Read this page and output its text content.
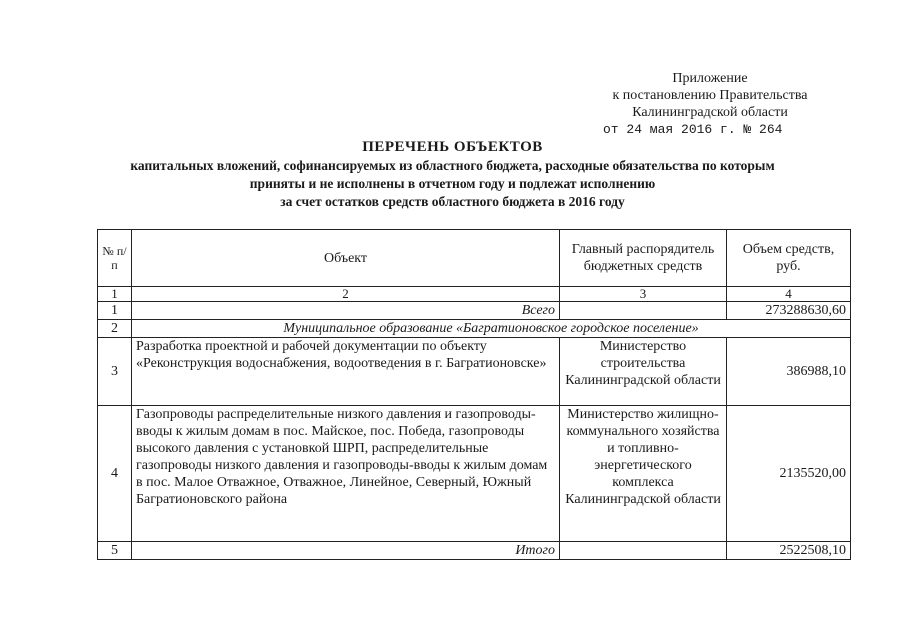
Приложение
к постановлению Правительства
Калининградской области
от 24 мая 2016 г. № 264
ПЕРЕЧЕНЬ ОБЪЕКТОВ
капитальных вложений, софинансируемых из областного бюджета, расходные обязательства по которым
приняты и не исполнены в отчетном году и подлежат исполнению
за счет остатков средств областного бюджета в 2016 году
№ п/п	Объект	Главный распорядитель бюджетных средств	Объем средств, руб.
1	2	3	4
1	Всего		273288630,60
2	Муниципальное образование «Багратионовское городское поселение»		
3	Разработка проектной и рабочей документации по объекту «Реконструкция водоснабжения, водоотведения в г. Багратионовске»	Министерство строительства Калининградской области	386988,10
4	Газопроводы распределительные низкого давления и газопроводы-вводы к жилым домам в пос. Майское, пос. Победа, газопроводы высокого давления с установкой ШРП, распределительные газопроводы низкого давления и газопроводы-вводы к жилым домам в пос. Малое Отважное, Отважное, Линейное, Северный, Южный Багратионовского района	Министерство жилищно-коммунального хозяйства и топливно-энергетического комплекса Калининградской области	2135520,00
5	Итого		2522508,10
